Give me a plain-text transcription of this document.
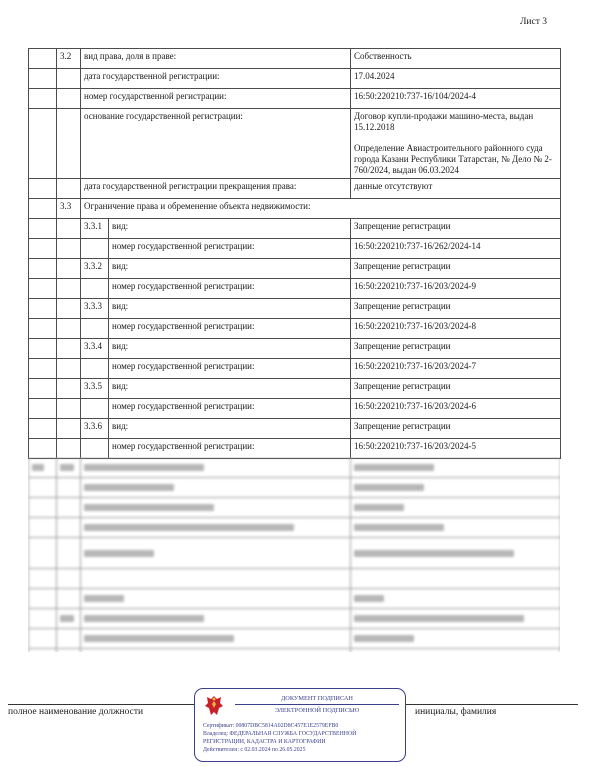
Лист 3
	3.2	вид права, доля в праве:		Собственность
		дата государственной регистрации:		17.04.2024
		номер государственной регистрации:		16:50:220210:737-16/104/2024-4
		основание государственной регистрации:		Договор купли-продажи машино-места, выдан 15.12.2018
Определение Авиастроительного районного суда города Казани Республики Татарстан, № Дело № 2-760/2024, выдан 06.03.2024

		дата государственной регистрации прекращения права:		данные отсутствуют
	3.3	Ограничение права и обременение объекта недвижимости:		
		3.3.1	вид:	Запрещение регистрации
			номер государственной регистрации:	16:50:220210:737-16/262/2024-14
		3.3.2	вид:	Запрещение регистрации
			номер государственной регистрации:	16:50:220210:737-16/203/2024-9
		3.3.3	вид:	Запрещение регистрации
			номер государственной регистрации:	16:50:220210:737-16/203/2024-8
		3.3.4	вид:	Запрещение регистрации
			номер государственной регистрации:	16:50:220210:737-16/203/2024-7
		3.3.5	вид:	Запрещение регистрации
			номер государственной регистрации:	16:50:220210:737-16/203/2024-6
		3.3.6	вид:	Запрещение регистрации
			номер государственной регистрации:	16:50:220210:737-16/203/2024-5

полное наименование должности	инициалы, фамилия
ДОКУМЕНТ ПОДПИСАН
ЭЛЕКТРОННОЙ ПОДПИСЬЮ
Сертификат: 00807DBC5814A02D8C457E1E2579EFB0
Владелец: ФЕДЕРАЛЬНАЯ СЛУЖБА ГОСУДАРСТВЕННОЙ
РЕГИСТРАЦИИ, КАДАСТРА И КАРТОГРАФИИ
Действителен: с 02.03.2024 по 26.05.2025
